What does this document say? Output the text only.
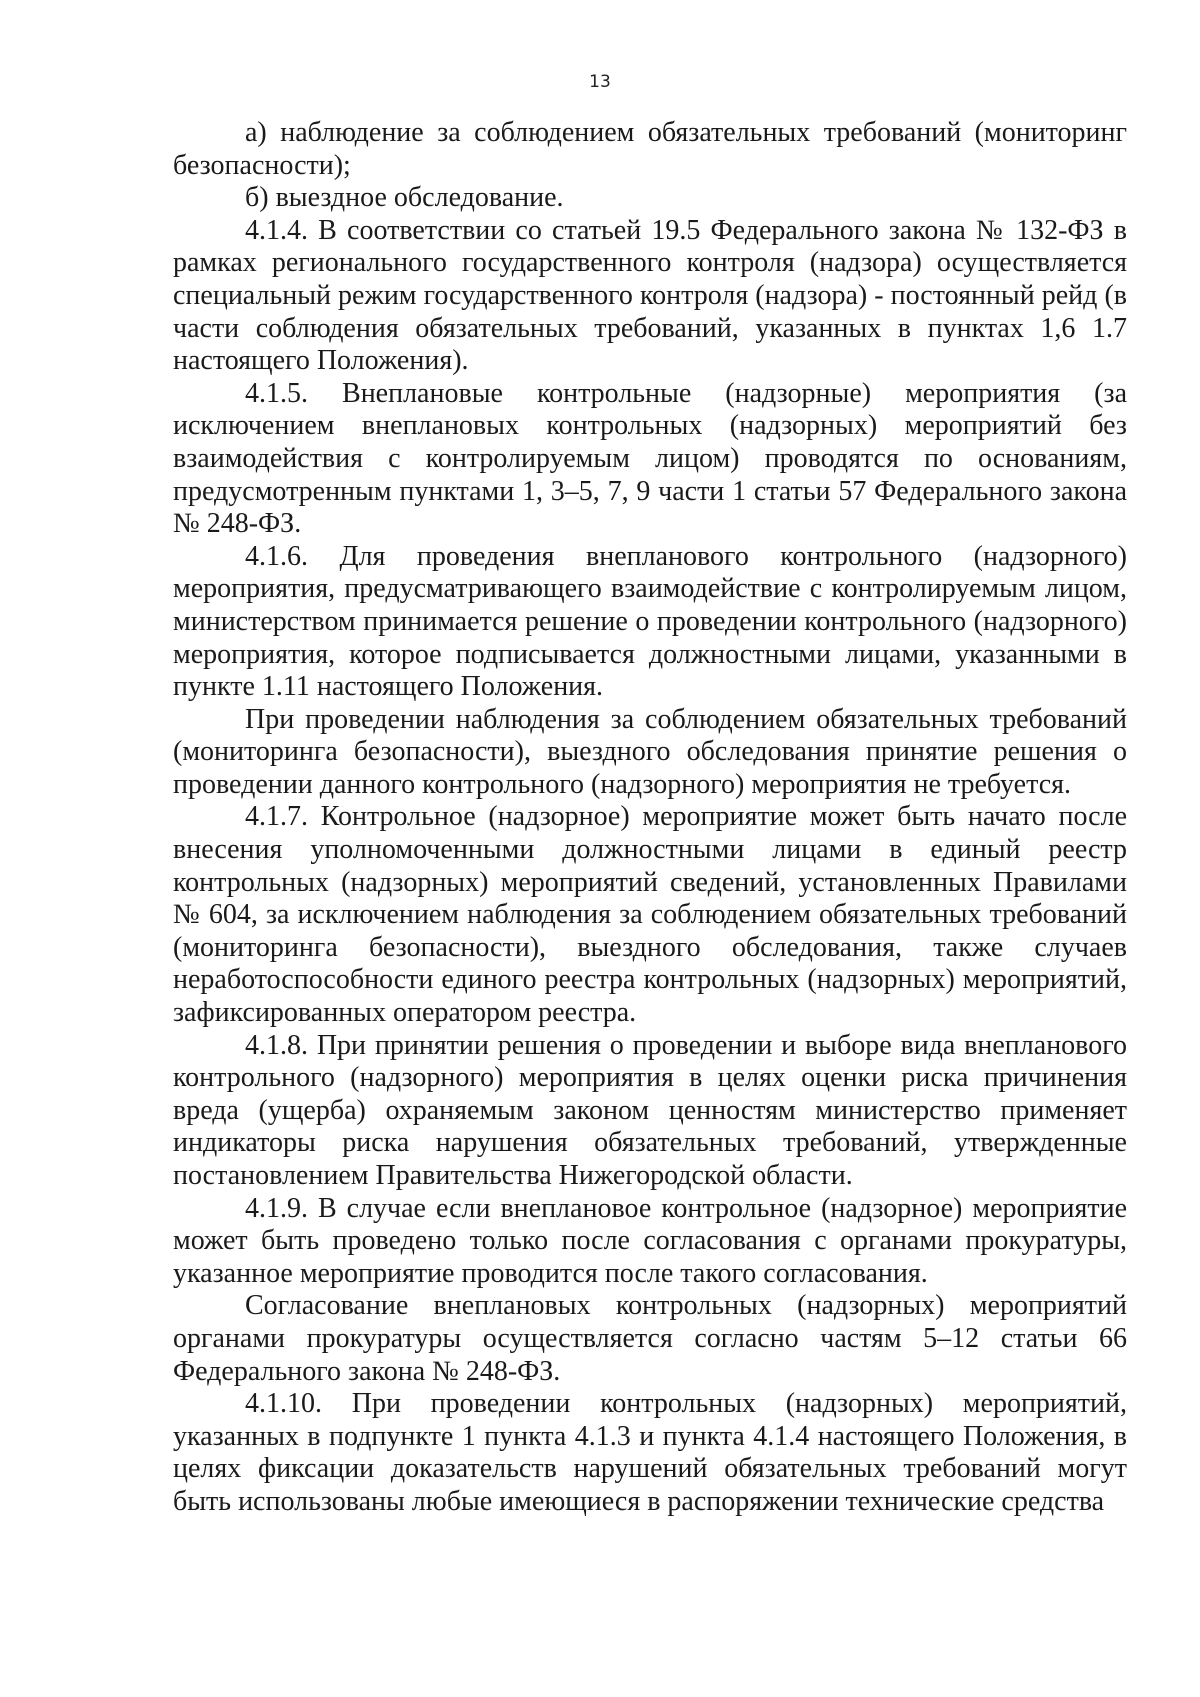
13

а) наблюдение за соблюдением обязательных требований (мониторинг безопасности);

б) выездное обследование.

4.1.4. В соответствии со статьей 19.5 Федерального закона № 132-ФЗ в рамках регионального государственного контроля (надзора) осуществляется специальный режим государственного контроля (надзора) - постоянный рейд (в части соблюдения обязательных требований, указанных в пунктах 1,6 1.7 настоящего Положения).

4.1.5. Внеплановые контрольные (надзорные) мероприятия (за исключением внеплановых контрольных (надзорных) мероприятий без взаимодействия с контролируемым лицом) проводятся по основаниям, предусмотренным пунктами 1, 3–5, 7, 9 части 1 статьи 57 Федерального закона № 248-ФЗ.

4.1.6. Для проведения внепланового контрольного (надзорного) мероприятия, предусматривающего взаимодействие с контролируемым лицом, министерством принимается решение о проведении контрольного (надзорного) мероприятия, которое подписывается должностными лицами, указанными в пункте 1.11 настоящего Положения.

При проведении наблюдения за соблюдением обязательных требований (мониторинга безопасности), выездного обследования принятие решения о проведении данного контрольного (надзорного) мероприятия не требуется.

4.1.7. Контрольное (надзорное) мероприятие может быть начато после внесения уполномоченными должностными лицами в единый реестр контрольных (надзорных) мероприятий сведений, установленных Правилами № 604, за исключением наблюдения за соблюдением обязательных требований (мониторинга безопасности), выездного обследования, также случаев неработоспособности единого реестра контрольных (надзорных) мероприятий, зафиксированных оператором реестра.

4.1.8. При принятии решения о проведении и выборе вида внепланового контрольного (надзорного) мероприятия в целях оценки риска причинения вреда (ущерба) охраняемым законом ценностям министерство применяет индикаторы риска нарушения обязательных требований, утвержденные постановлением Правительства Нижегородской области.

4.1.9. В случае если внеплановое контрольное (надзорное) мероприятие может быть проведено только после согласования с органами прокуратуры, указанное мероприятие проводится после такого согласования.

Согласование внеплановых контрольных (надзорных) мероприятий органами прокуратуры осуществляется согласно частям 5–12 статьи 66 Федерального закона № 248-ФЗ.

4.1.10. При проведении контрольных (надзорных) мероприятий, указанных в подпункте 1 пункта 4.1.3 и пункта 4.1.4 настоящего Положения, в целях фиксации доказательств нарушений обязательных требований могут быть использованы любые имеющиеся в распоряжении технические средства
